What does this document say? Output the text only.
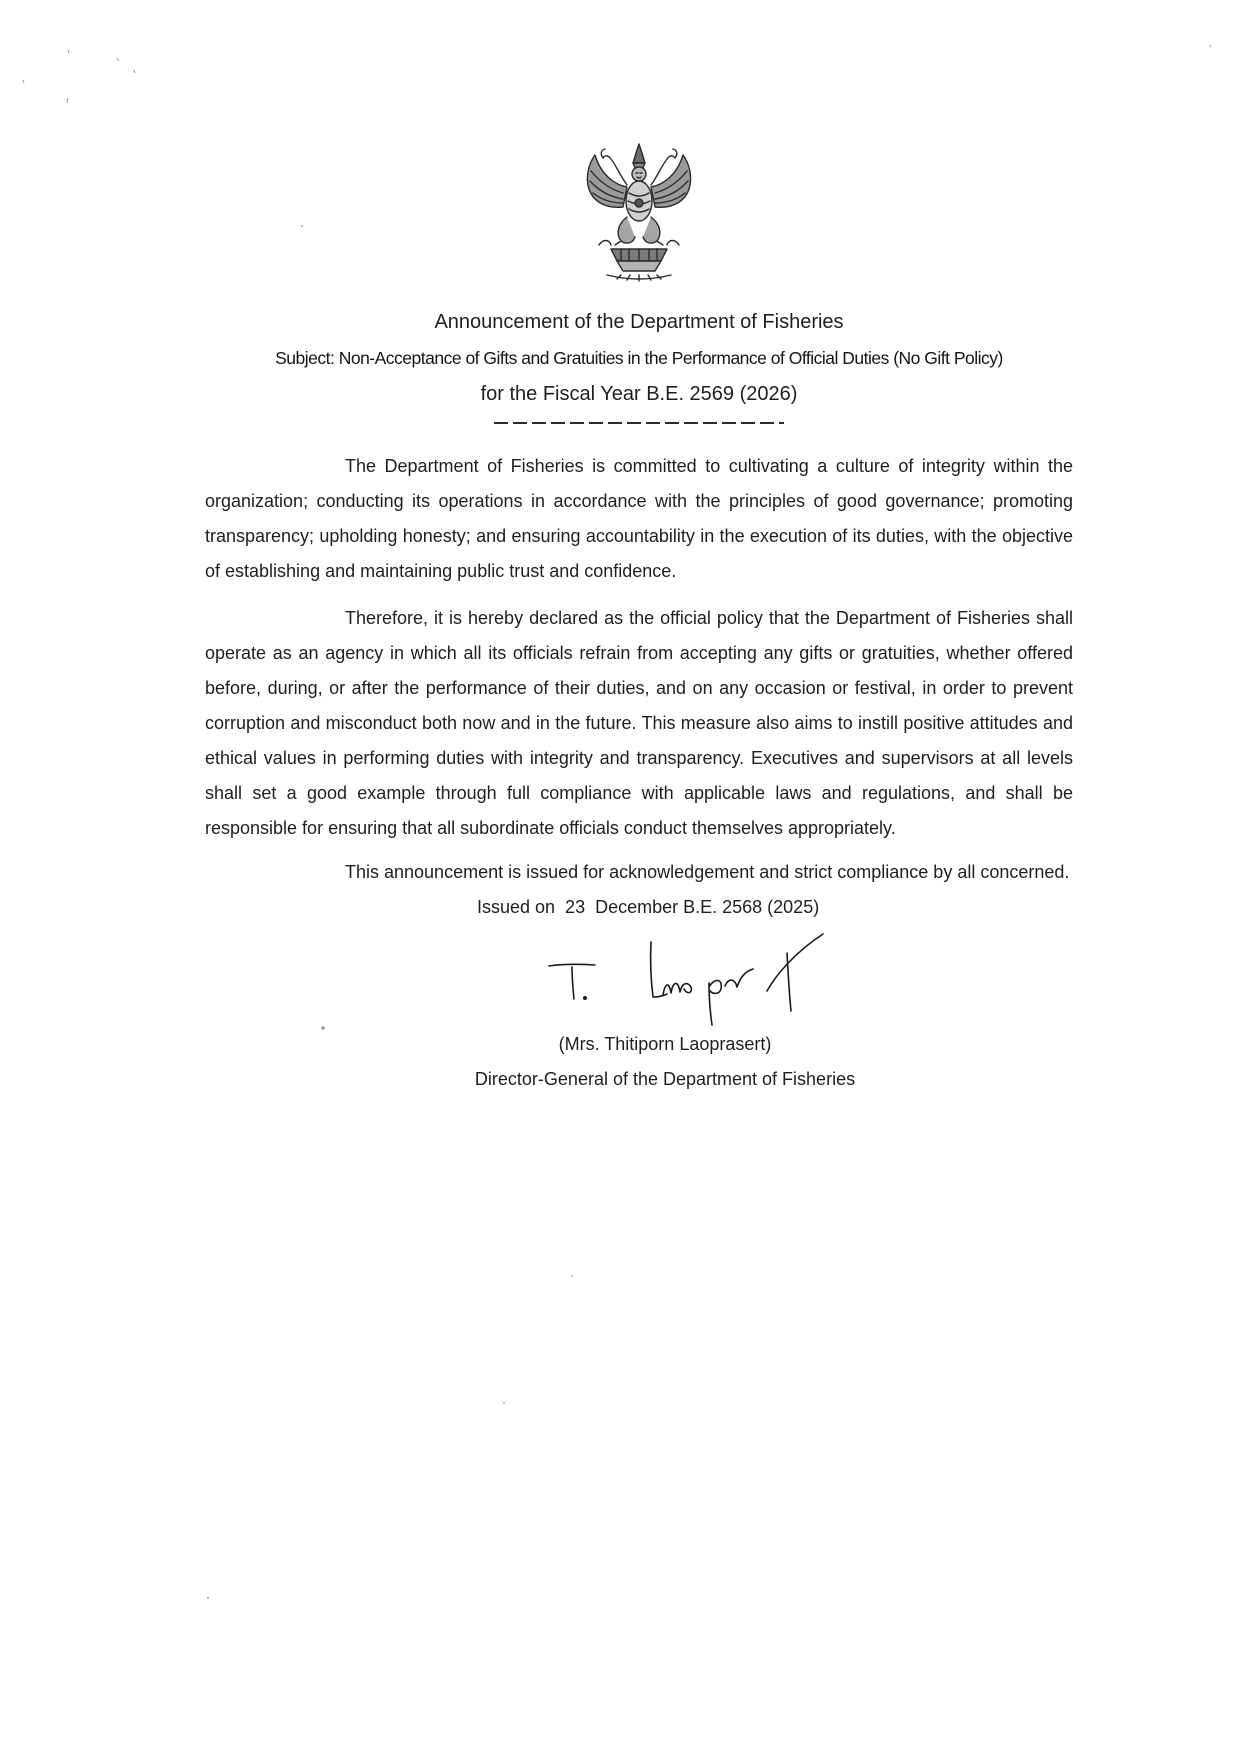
Announcement of the Department of Fisheries
Subject: Non-Acceptance of Gifts and Gratuities in the Performance of Official Duties (No Gift Policy)
for the Fiscal Year B.E. 2569 (2026)

The Department of Fisheries is committed to cultivating a culture of integrity within the organization; conducting its operations in accordance with the principles of good governance; promoting transparency; upholding honesty; and ensuring accountability in the execution of its duties, with the objective of establishing and maintaining public trust and confidence.

Therefore, it is hereby declared as the official policy that the Department of Fisheries shall operate as an agency in which all its officials refrain from accepting any gifts or gratuities, whether offered before, during, or after the performance of their duties, and on any occasion or festival, in order to prevent corruption and misconduct both now and in the future. This measure also aims to instill positive attitudes and ethical values in performing duties with integrity and transparency. Executives and supervisors at all levels shall set a good example through full compliance with applicable laws and regulations, and shall be responsible for ensuring that all subordinate officials conduct themselves appropriately.

This announcement is issued for acknowledgement and strict compliance by all concerned.

Issued on  23  December B.E. 2568 (2025)
(Mrs. Thitiporn Laoprasert)
Director-General of the Department of Fisheries
